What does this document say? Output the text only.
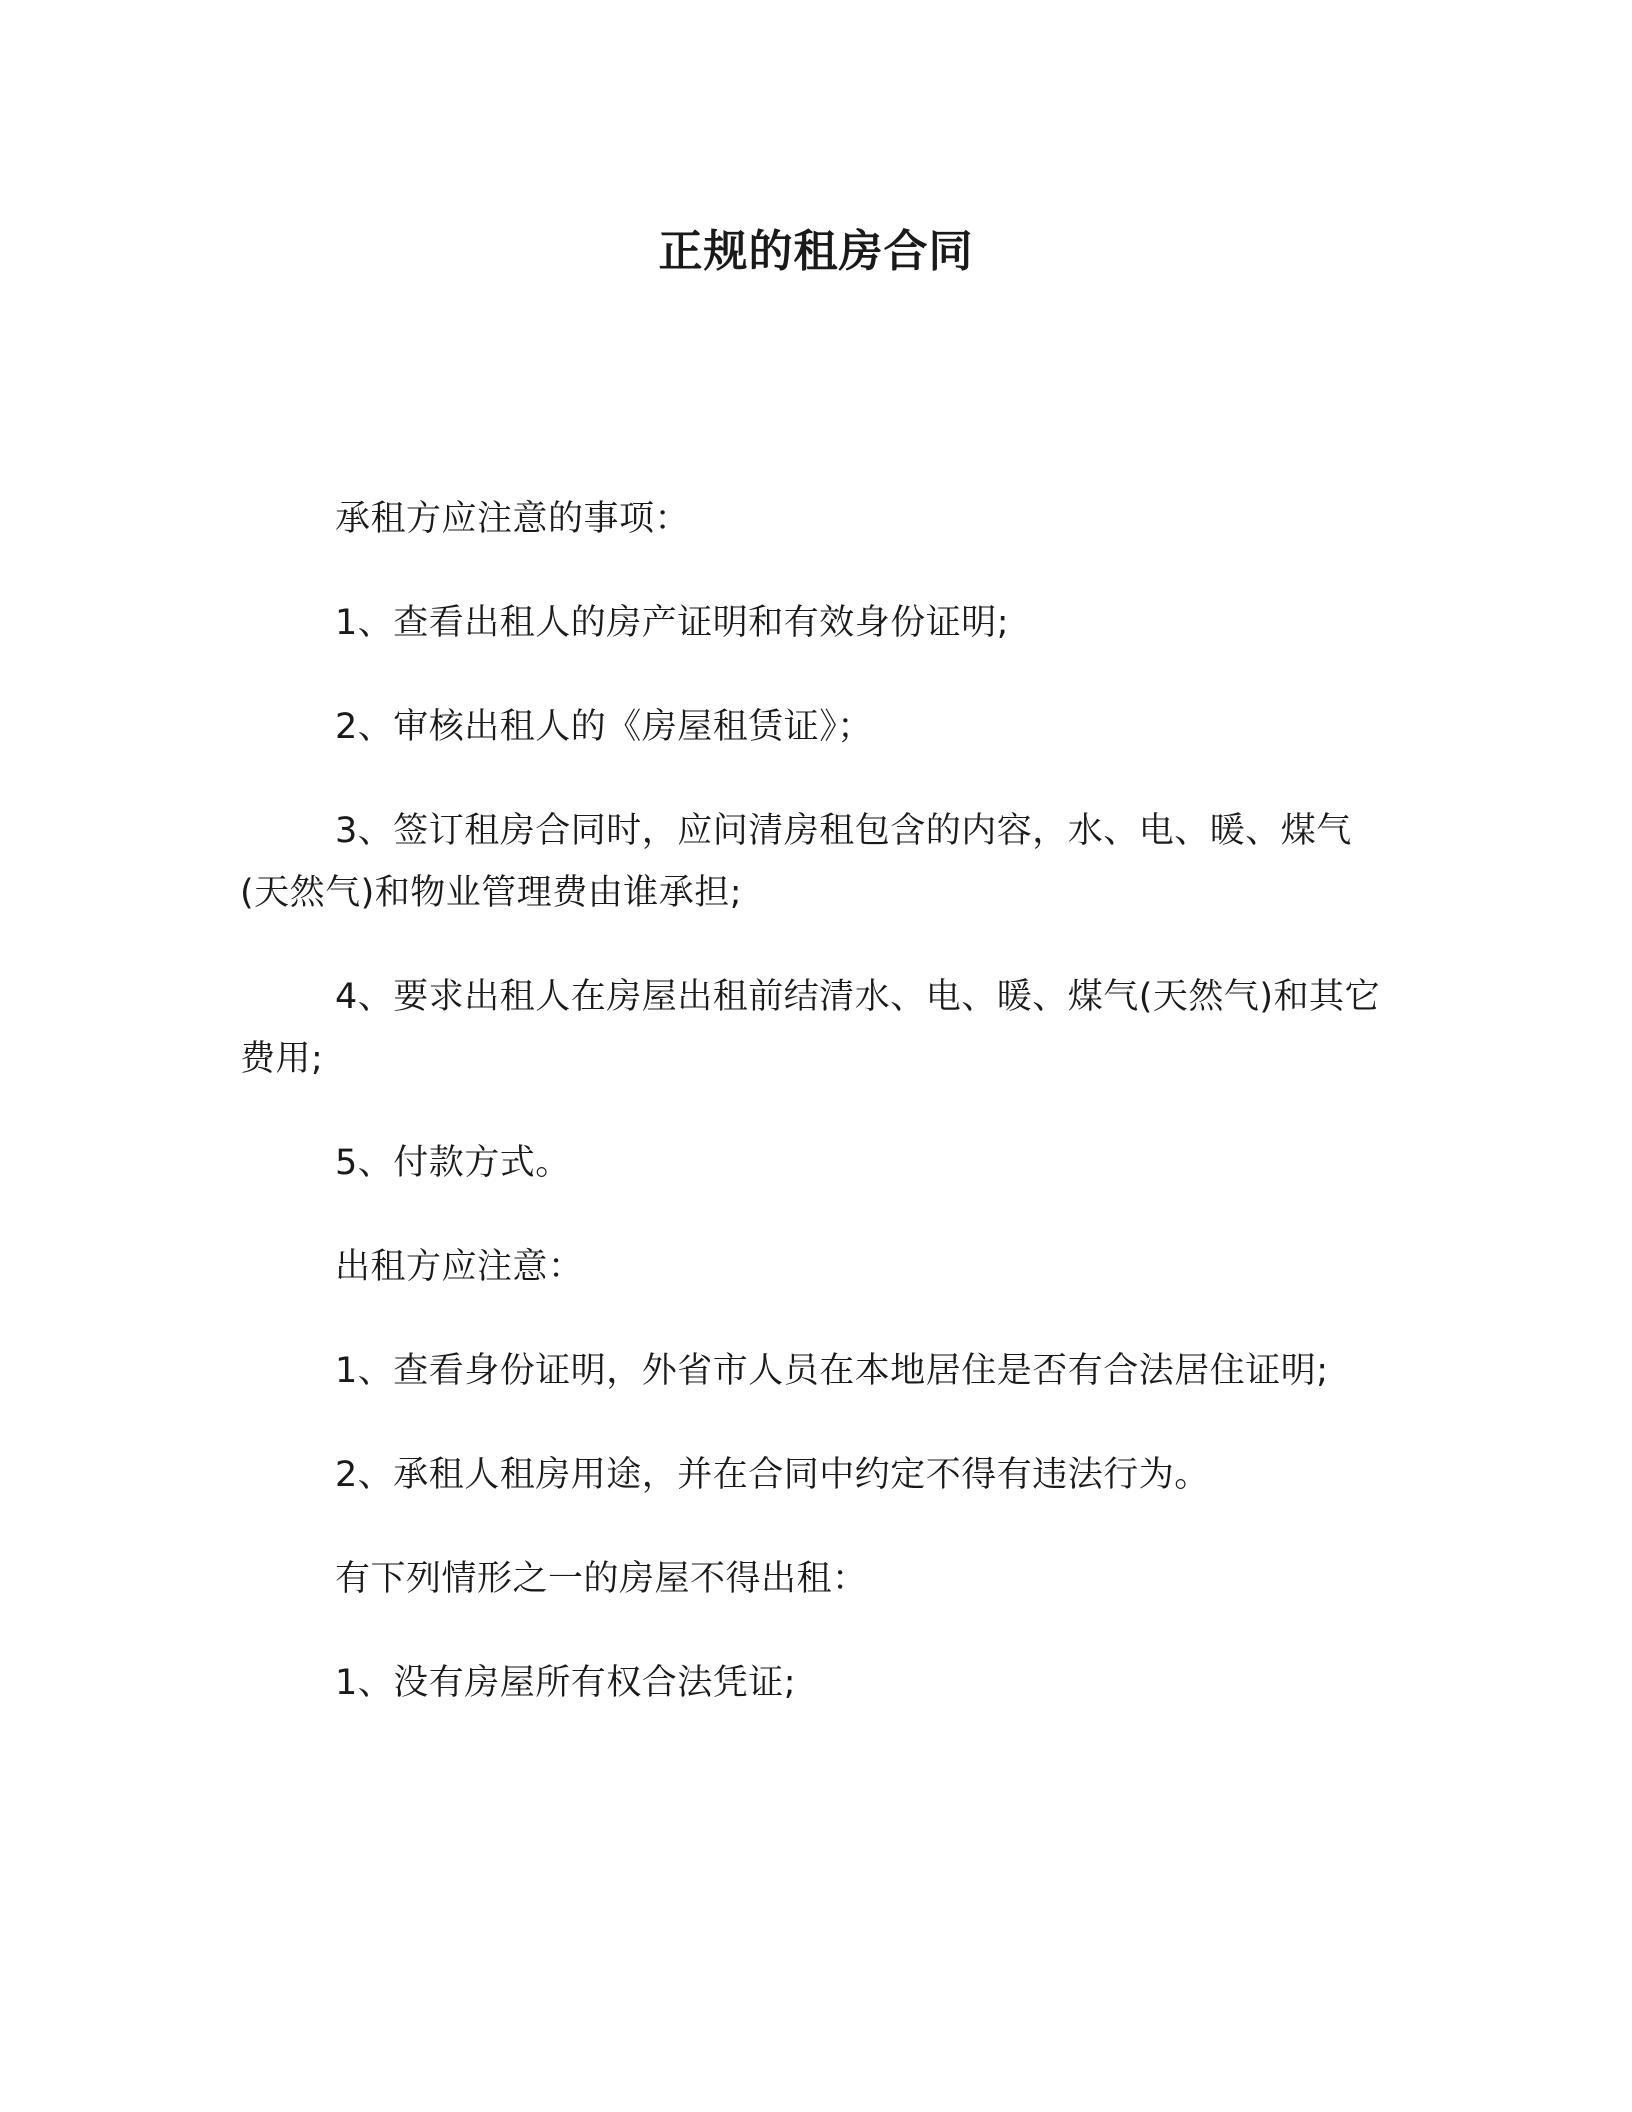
正规的租房合同

承租方应注意的事项：

1、查看出租人的房产证明和有效身份证明;

2、审核出租人的《房屋租赁证》；

3、签订租房合同时，应问清房租包含的内容，水、电、暖、煤气(天然气)和物业管理费由谁承担;

4、要求出租人在房屋出租前结清水、电、暖、煤气(天然气)和其它费用;

5、付款方式。

出租方应注意：

1、查看身份证明，外省市人员在本地居住是否有合法居住证明;

2、承租人租房用途，并在合同中约定不得有违法行为。

有下列情形之一的房屋不得出租：

1、没有房屋所有权合法凭证;
